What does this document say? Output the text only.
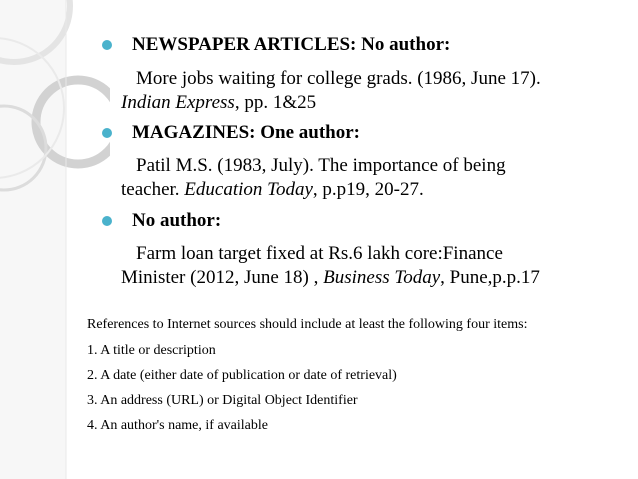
NEWSPAPER ARTICLES: No author:
More jobs waiting for college grads. (1986, June 17).
Indian Express, pp. 1&25
MAGAZINES: One author:
Patil M.S. (1983, July). The importance of being
teacher. Education Today, p.p19, 20-27.
No author:
Farm loan target fixed at Rs.6 lakh core:Finance
Minister (2012, June 18) , Business Today, Pune,p.p.17
References to Internet sources should include at least the following four items:
1. A title or description
2. A date (either date of publication or date of retrieval)
3. An address (URL) or Digital Object Identifier
4. An author's name, if available
